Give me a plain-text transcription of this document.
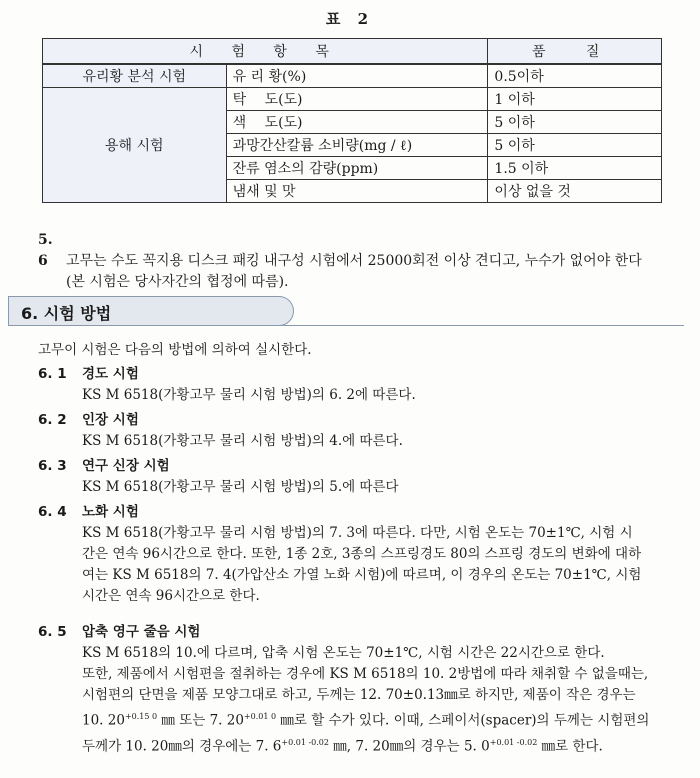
표 2
시 험 항 목		품 질
유리황 분석 시험	유 리 황(%)	0.5이하
용해 시험	탁　 도(도)	1 이하
	색　 도(도)	5 이하
	과망간산칼륨 소비량(mg / ℓ)	5 이하
	잔류 염소의 감량(ppm)	1.5 이하
	냄새 및 맛	이상 없을 것
5. 6 고무는 수도 꼭지용 디스크 패킹 내구성 시험에서 25000회전 이상 견디고, 누수가 없어야 한다
(본 시험은 당사자간의 협정에 따름).
6. 시험 방법
고무이 시험은 다음의 방법에 의하여 실시한다.
6. 1 경도 시험
KS M 6518(가황고무 물리 시험 방법)의 6. 2에 따른다.
6. 2 인장 시험
KS M 6518(가황고무 물리 시험 방법)의 4.에 따른다.
6. 3 연구 신장 시험
KS M 6518(가황고무 물리 시험 방법)의 5.에 따른다
6. 4 노화 시험
KS M 6518(가황고무 물리 시험 방법)의 7. 3에 따른다. 다만, 시험 온도는 70±1℃, 시험 시
간은 연속 96시간으로 한다. 또한, 1종 2호, 3종의 스프링경도 80의 스프링 경도의 변화에 대하
여는 KS M 6518의 7. 4(가압산소 가열 노화 시험)에 따르며, 이 경우의 온도는 70±1℃, 시험
시간은 연속 96시간으로 한다.
6. 5 압축 영구 줄음 시험
KS M 6518의 10.에 다르며, 압축 시험 온도는 70±1℃, 시험 시간은 22시간으로 한다.
또한, 제품에서 시험편을 절취하는 경우에 KS M 6518의 10. 2방법에 따라 채취할 수 없을때는,
시험편의 단면을 제품 모양그대로 하고, 두께는 12. 70±0.13㎜로 하지만, 제품이 작은 경우는
10. $20^{+0.15 0}$ ㎜ 또는 7. $20^{+0.01 0}$ ㎜로 할 수가 있다. 이때, 스페이서(spacer)의 두께는 시험편의
두께가 10. 20㎜의 경우에는 7. $6^{+0.01 -0.02}$ ㎜, 7. 20㎜의 경우는 5. $0^{+0.01 -0.02}$ ㎜로 한다.
